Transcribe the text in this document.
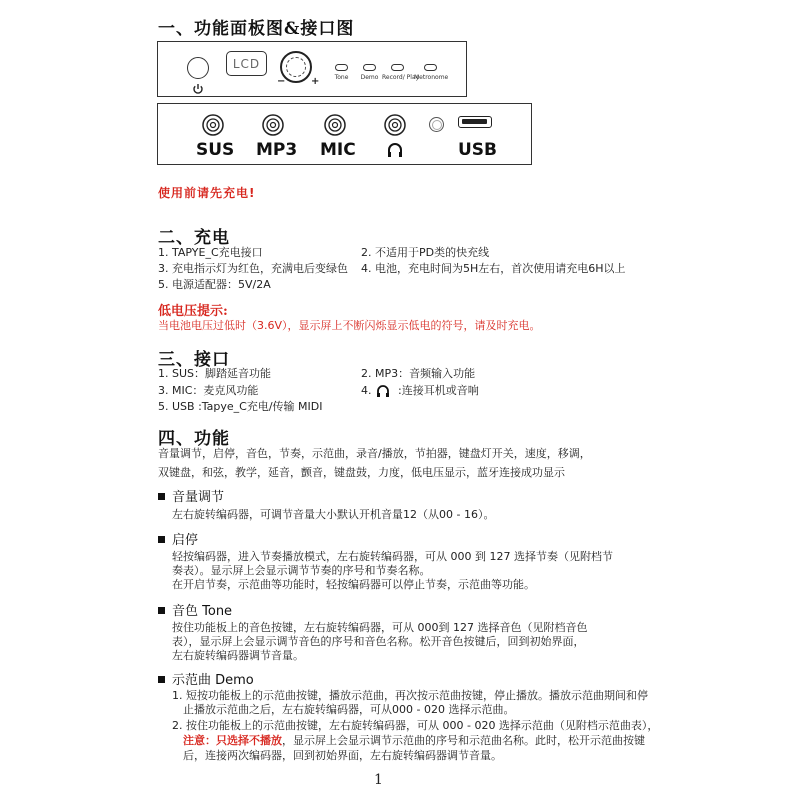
一、功能面板图&接口图
LCD
−	+	Tone	Demo Record/ Play
Metronome
SUS MP3 MIC	USB
使用前请先充电!
二、充电
1. TAPYE_C充电接口	2. 不适用于PD类的快充线
3. 充电指示灯为红色，充满电后变绿色 4. 电池，充电时间为5H左右，首次使用请充电6H以上
5. 电源适配器：5V/2A
低电压提示:
当电池电压过低时（3.6V），显示屏上不断闪烁显示低电的符号，请及时充电。
三、接口
1. SUS：脚踏延音功能	2. MP3：音频输入功能
3. MIC：麦克风功能	4. :连接耳机或音响
5. USB :Tapye_C充电/传输 MIDI
四、功能
音量调节，启停，音色，节奏，示范曲，录音/播放，节拍器，键盘灯开关，速度，移调，
双键盘，和弦，教学，延音，颤音，键盘鼓，力度，低电压显示，蓝牙连接成功显示
音量调节
左右旋转编码器，可调节音量大小默认开机音量12（从00 - 16）。
启停
轻按编码器，进入节奏播放模式，左右旋转编码器，可从 000 到 127 选择节奏（见附档节
奏表）。显示屏上会显示调节节奏的序号和节奏名称。
在开启节奏，示范曲等功能时，轻按编码器可以停止节奏，示范曲等功能。
音色 Tone
按住功能板上的音色按键，左右旋转编码器，可从 000到 127 选择音色（见附档音色
表），显示屏上会显示调节音色的序号和音色名称。松开音色按键后，回到初始界面，
左右旋转编码器调节音量。
示范曲 Demo
1. 短按功能板上的示范曲按键，播放示范曲，再次按示范曲按键，停止播放。播放示范曲期间和停
止播放示范曲之后，左右旋转编码器，可从000 - 020 选择示范曲。
2. 按住功能板上的示范曲按键，左右旋转编码器，可从 000 - 020 选择示范曲（见附档示范曲表），
注意：只选择不播放，显示屏上会显示调节示范曲的序号和示范曲名称。此时，松开示范曲按键
后，连接两次编码器，回到初始界面，左右旋转编码器调节音量。
1
